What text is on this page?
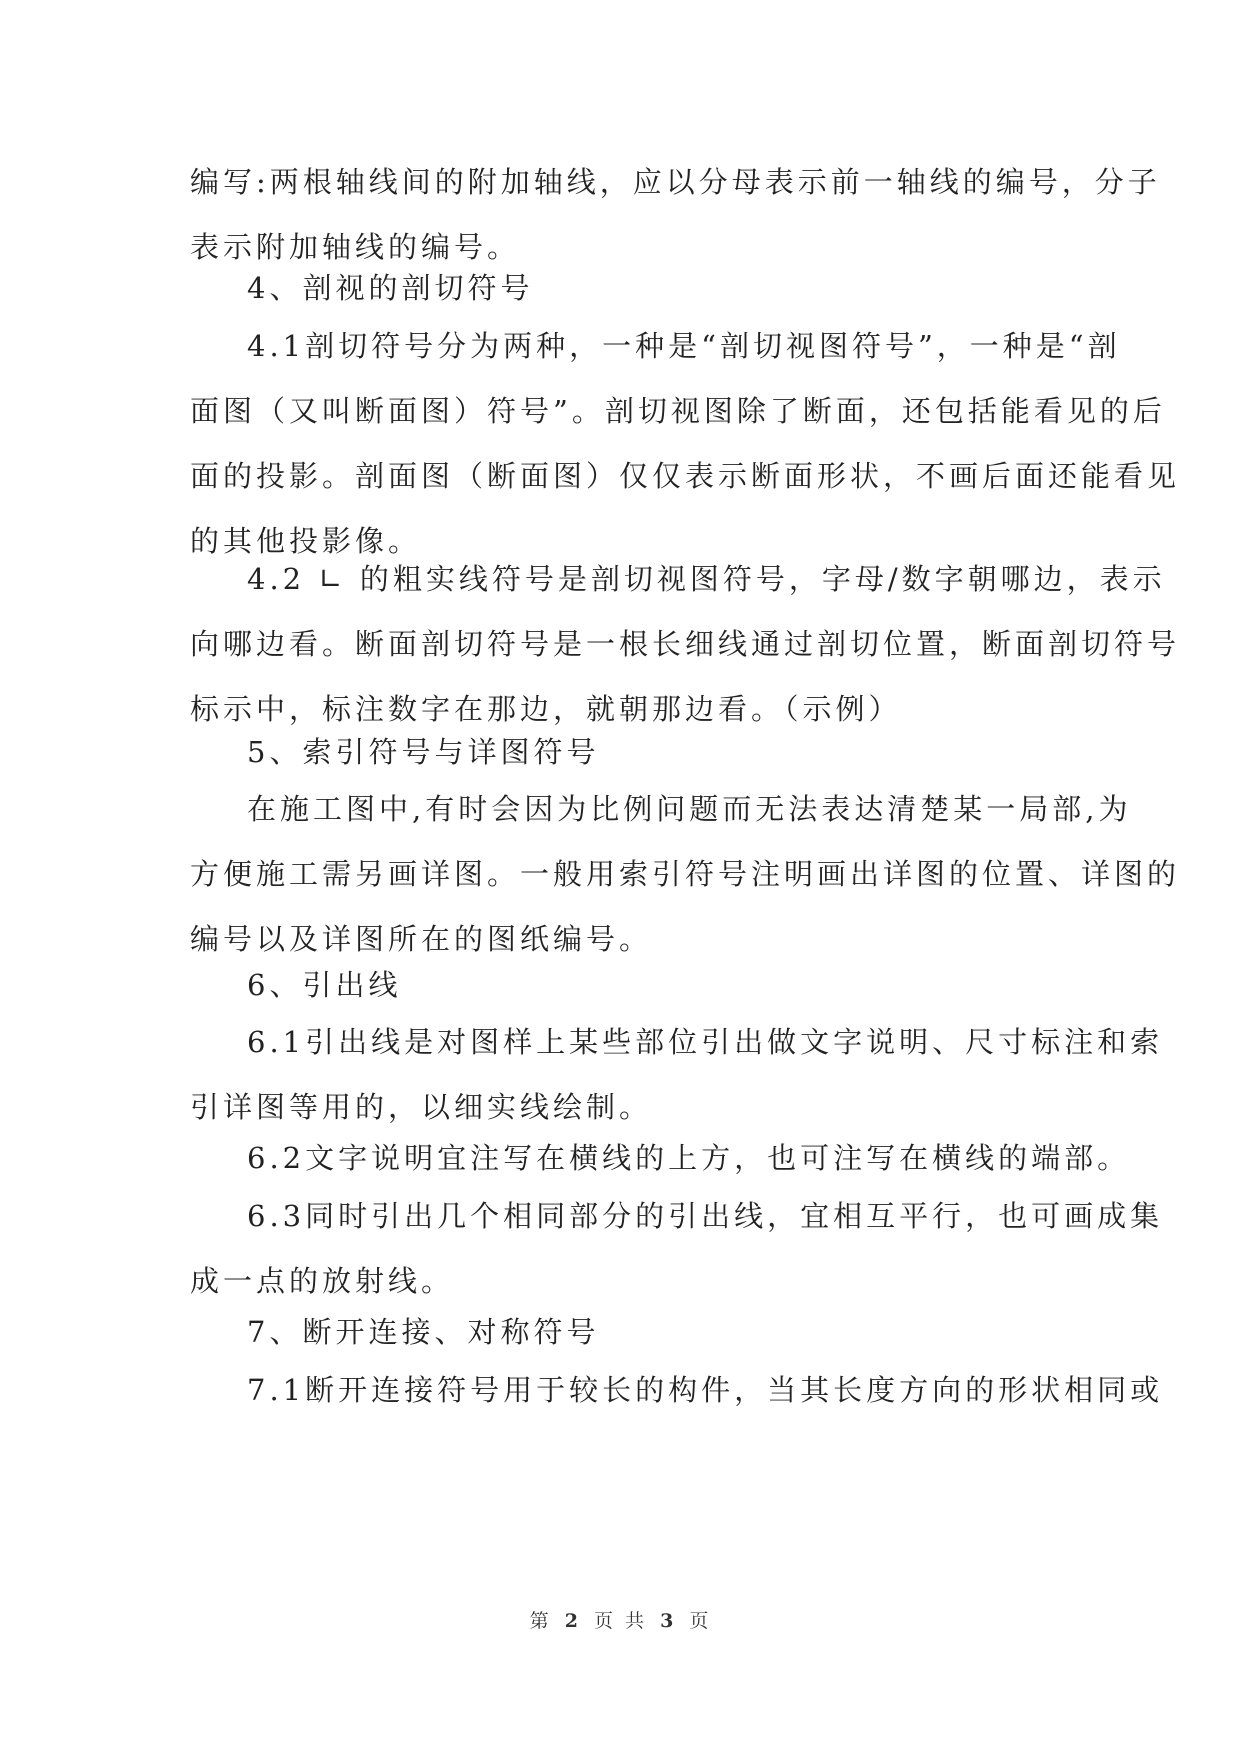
编写:两根轴线间的附加轴线，应以分母表示前一轴线的编号，分子
表示附加轴线的编号。

4、剖视的剖切符号

4.1剖切符号分为两种，一种是“剖切视图符号”，一种是“剖
面图（又叫断面图）符号”。剖切视图除了断面，还包括能看见的后
面的投影。剖面图（断面图）仅仅表示断面形状，不画后面还能看见
的其他投影像。

4.2 ∟ 的粗实线符号是剖切视图符号，字母/数字朝哪边，表示
向哪边看。断面剖切符号是一根长细线通过剖切位置，断面剖切符号
标示中，标注数字在那边，就朝那边看。（示例）

5、索引符号与详图符号

在施工图中,有时会因为比例问题而无法表达清楚某一局部,为
方便施工需另画详图。一般用索引符号注明画出详图的位置、详图的
编号以及详图所在的图纸编号。

6、引出线

6.1引出线是对图样上某些部位引出做文字说明、尺寸标注和索
引详图等用的，以细实线绘制。

6.2文字说明宜注写在横线的上方，也可注写在横线的端部。

6.3同时引出几个相同部分的引出线，宜相互平行，也可画成集
成一点的放射线。

7、断开连接、对称符号

7.1断开连接符号用于较长的构件，当其长度方向的形状相同或

第 2 页 共 3 页
